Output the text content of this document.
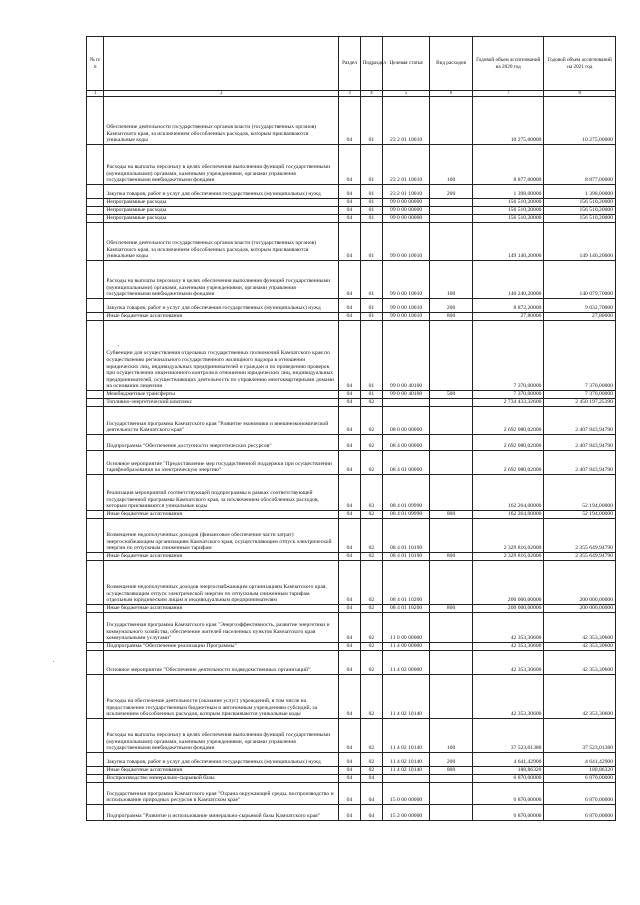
№ п/п		Раздел	Подраздел	Целевая статья	Вид расходов	Годовой объем ассигнований на 2020 год	Годовой объем ассигнований на 2021 год
1	2	3	4	5	6	7	8
	Обеспечение деятельности государственных органов власти (государственных органов) Камчатского края, за исключением обособленных расходов, которым присваиваются уникальные коды	04	01	23 2 01 10010		10 275,00000	10 275,00000
	Расходы на выплаты персоналу в целях обеспечения выполнения функций государственными (муниципальными) органами, казенными учреждениями, органами управления государственными внебюджетными фондами	04	01	23 2 01 10010	100	8 877,00000	8 877,00000
	Закупка товаров, работ и услуг для обеспечения государственных (муниципальных) нужд	04	01	23 2 01 10010	200	1 398,00000	1 398,00000
	Непрограммные расходы	04	01	99 0 00 00000		156 510,20000	156 510,20000
	Непрограммные расходы	04	01	99 0 00 00000		156 510,20000	156 510,20000
	Непрограммные расходы	04	01	99 0 00 00000		156 510,20000	156 510,20000
	Обеспечение деятельности государственных органов власти (государственных органов) Камчатского края, за исключением обособленных расходов, которым присваиваются уникальные коды	04	01	99 0 00 10010		149 140,20000	149 140,20000
	Расходы на выплаты персоналу в целях обеспечения выполнения функций государственными (муниципальными) органами, казенными учреждениями, органами управления государственными внебюджетными фондами	04	01	99 0 00 10010	100	140 240,20000	140 079,70000
	Закупка товаров, работ и услуг для обеспечения государственных (муниципальных) нужд	04	01	99 0 00 10010	200	8 872,20000	9 032,70000
	Иные бюджетные ассигнования	04	01	99 0 00 10010	800	27,80000	27,80000
	Субвенции для осуществления отдельных государственных полномочий Камчатского края по осуществлению регионального государственного жилищного надзора в отношении юридических лиц, индивидуальных предпринимателей и граждан и по проведению проверок при осуществлении лицензионного контроля в отношении юридических лиц, индивидуальных предпринимателей, осуществляющих деятельность по управлению многоквартирными домами на основании лицензии	04	01	99 0 00 40100		7 370,00000	7 370,00000
	Межбюджетные трансферты	04	01	99 0 00 40100	500	7 370,00000	7 370,00000
	Топливно-энергетический комплекс	04	02			2 734 433,32600	2 450 197,25390
	Государственная программа Камчатского края "Развитие экономики и внешнеэкономической деятельности Камчатского края"	04	02	08 0 00 00000		2 692 080,02000	2 407 843,94790
	Подпрограмма "Обеспечение доступности энергетических ресурсов"	04	02	08 4 00 00000		2 692 080,02000	2 407 843,94790
	Основное мероприятие "Предоставление мер государственной поддержки при осуществлении тарифообразования на электрическую энергию"	04	02	08 4 01 00000		2 692 080,02000	2 407 843,94790
	Реализация мероприятий соответствующей подпрограммы в рамках соответствующей государственной программы Камчатского края, за исключением обособленных расходов, которым присваиваются уникальные коды	04	03	08 4 01 09990		162 264,00000	52 194,00000
	Иные бюджетные ассигнования	04	02	08 4 01 09990	800	162 264,00000	52 194,00000
	Возмещение недополученных доходов (финансовое обеспечение части затрат) энергоснабжающим организациям Камчатского края, осуществляющим отпуск электрической энергии по отпускным сниженным тарифам	04	02	08 4 01 10190		2 329 816,02000	2 355 649,94790
	Иные бюджетные ассигнования	04	02	08 4 01 10190	800	2 329 816,02000	2 355 649,94790
	Возмещение недополученных доходов энергоснабжающим организациям Камчатского края, осуществляющим отпуск электрической энергии по отпускным сниженным тарифам отдельным юридическим лицам и индивидуальным предпринимателям	04	02	08 4 01 10200		200 000,00000	200 000,00000
	Иные бюджетные ассигнования	04	02	08 4 01 10200	800	200 000,00000	200 000,00000
	Государственная программа Камчатского края "Энергоэффективность, развитие энергетики и коммунального хозяйства, обеспечение жителей населенных пунктов Камчатского края коммунальными услугами"	04	02	11 0 00 00000		42 353,30600	42 353,30600
	Подпрограмма "Обеспечение реализации Программы"	04	02	11 4 00 00000		42 353,30600	42 353,30600
	Основное мероприятие "Обеспечение деятельности подведомственных организаций"	04	02	11 4 02 00000		42 353,30600	42 353,30600
	Расходы на обеспечение деятельности (оказание услуг) учреждений, в том числе на предоставление государственным бюджетным и автономным учреждениям субсидий, за исключением обособленных расходов, которым присваиваются уникальные коды	04	02	11 4 02 10140		42 353,30600	42 353,30600
	Расходы на выплаты персоналу в целях обеспечения выполнения функций государственными (муниципальными) органами, казенными учреждениями, органами управления государственными внебюджетными фондами	04	02	11 4 02 10140	100	37 523,01380	37 523,01380
	Закупка товаров, работ и услуг для обеспечения государственных (муниципальных) нужд	04	02	11 4 02 10140	200	4 641,42900	4 641,42900
	Иные бюджетные ассигнования	04	02	11 4 02 10140	800	188,86320	188,86320
	Воспроизводство минерально-сырьевой базы	04	04			6 870,00000	6 870,00000
	Государственная программа Камчатского края "Охрана окружающей среды, воспроизводство и использование природных ресурсов в Камчатском крае"	04	04	15 0 00 00000		6 870,00000	6 870,00000
	Подпрограмма "Развитие и использование минерально-сырьевой базы Камчатского края"	04	04	15 2 00 00000		6 870,00000	6 870,00000
